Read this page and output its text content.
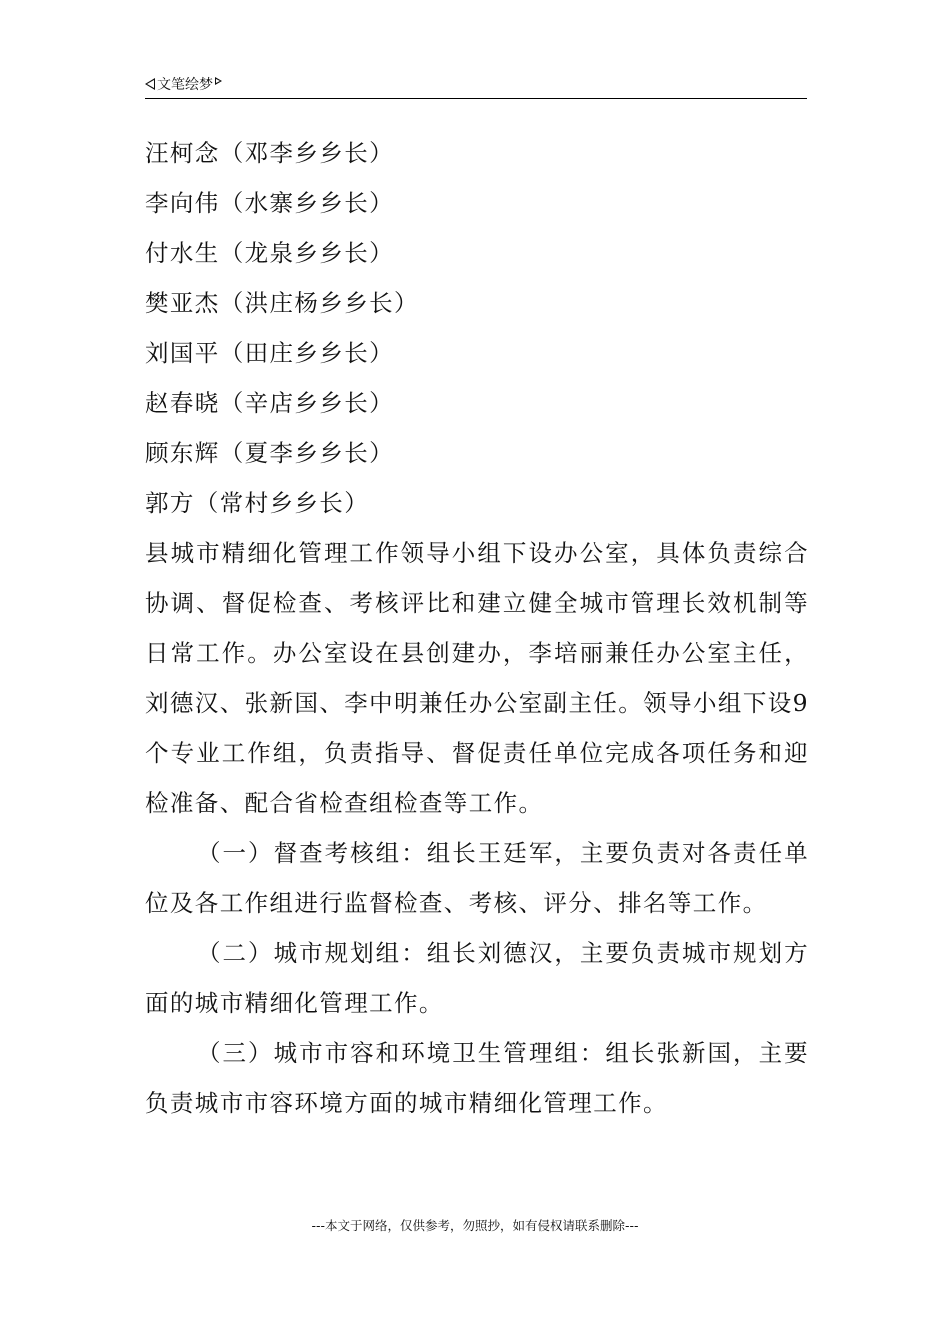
文笔绘梦
汪柯念（邓李乡乡长）
李向伟（水寨乡乡长）
付水生（龙泉乡乡长）
樊亚杰（洪庄杨乡乡长）
刘国平（田庄乡乡长）
赵春晓（辛店乡乡长）
顾东辉（夏李乡乡长）
郭方（常村乡乡长）
县城市精细化管理工作领导小组下设办公室，具体负责综合协调、督促检查、考核评比和建立健全城市管理长效机制等日常工作。办公室设在县创建办，李培丽兼任办公室主任，刘德汉、张新国、李中明兼任办公室副主任。领导小组下设9个专业工作组，负责指导、督促责任单位完成各项任务和迎检准备、配合省检查组检查等工作。
（一）督查考核组：组长王廷军，主要负责对各责任单位及各工作组进行监督检查、考核、评分、排名等工作。
（二）城市规划组：组长刘德汉，主要负责城市规划方面的城市精细化管理工作。
（三）城市市容和环境卫生管理组：组长张新国，主要负责城市市容环境方面的城市精细化管理工作。
---本文于网络，仅供参考，勿照抄，如有侵权请联系删除---
